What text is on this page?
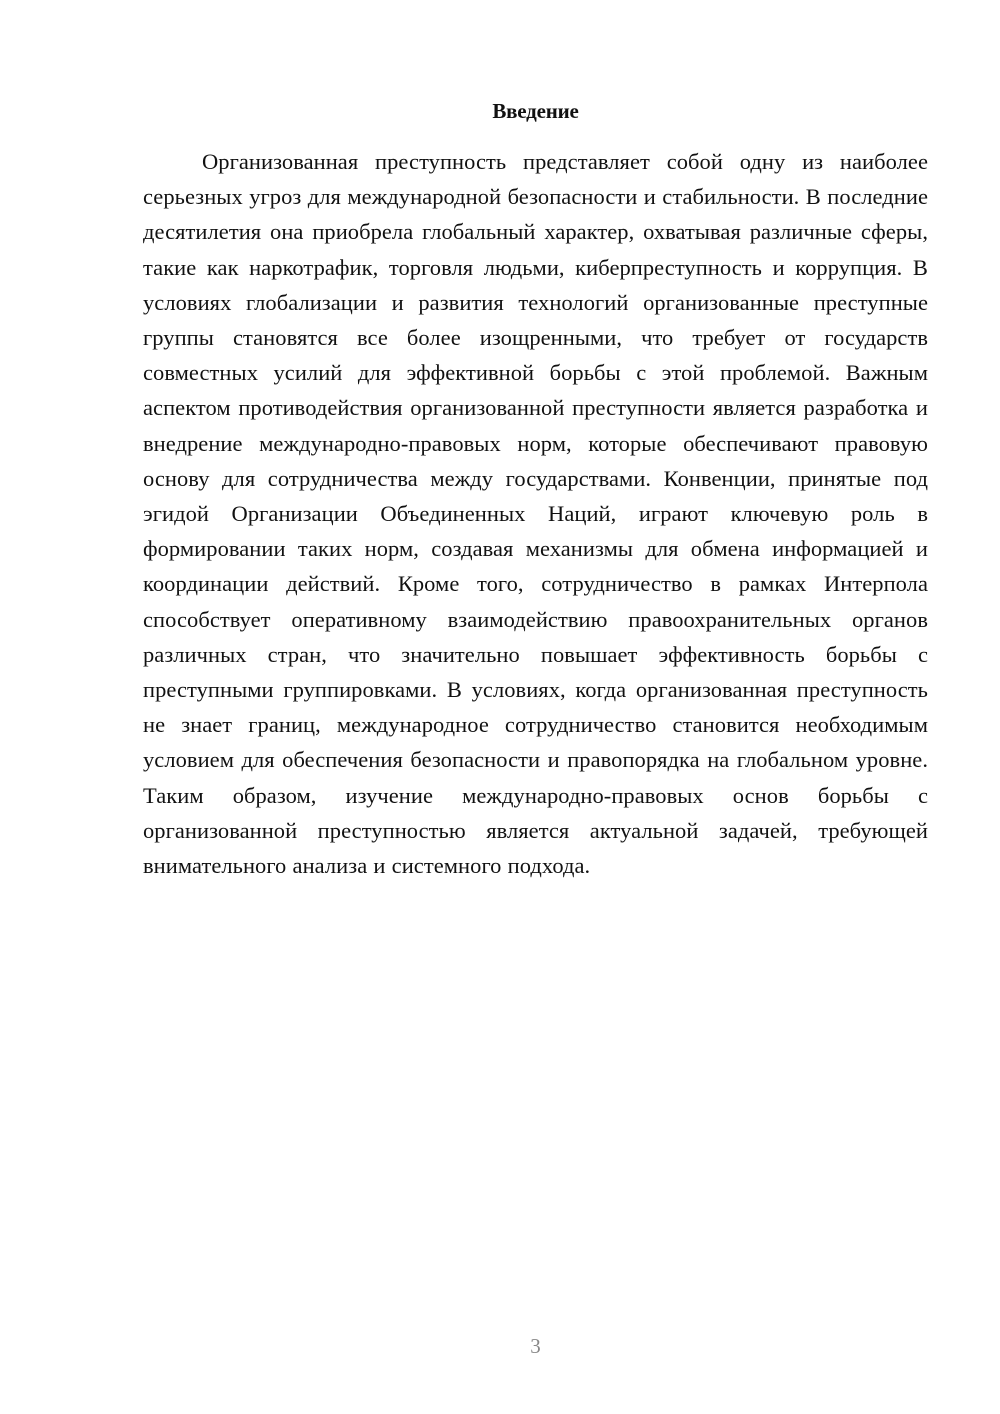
Введение

Организованная преступность представляет собой одну из наиболее серьезных угроз для международной безопасности и стабильности. В последние десятилетия она приобрела глобальный характер, охватывая различные сферы, такие как наркотрафик, торговля людьми, киберпреступность и коррупция. В условиях глобализации и развития технологий организованные преступные группы становятся все более изощренными, что требует от государств совместных усилий для эффективной борьбы с этой проблемой. Важным аспектом противодействия организованной преступности является разработка и внедрение международно-правовых норм, которые обеспечивают правовую основу для сотрудничества между государствами. Конвенции, принятые под эгидой Организации Объединенных Наций, играют ключевую роль в формировании таких норм, создавая механизмы для обмена информацией и координации действий. Кроме того, сотрудничество в рамках Интерпола способствует оперативному взаимодействию правоохранительных органов различных стран, что значительно повышает эффективность борьбы с преступными группировками. В условиях, когда организованная преступность не знает границ, международное сотрудничество становится необходимым условием для обеспечения безопасности и правопорядка на глобальном уровне. Таким образом, изучение международно-правовых основ борьбы с организованной преступностью является актуальной задачей, требующей внимательного анализа и системного подхода.

3
